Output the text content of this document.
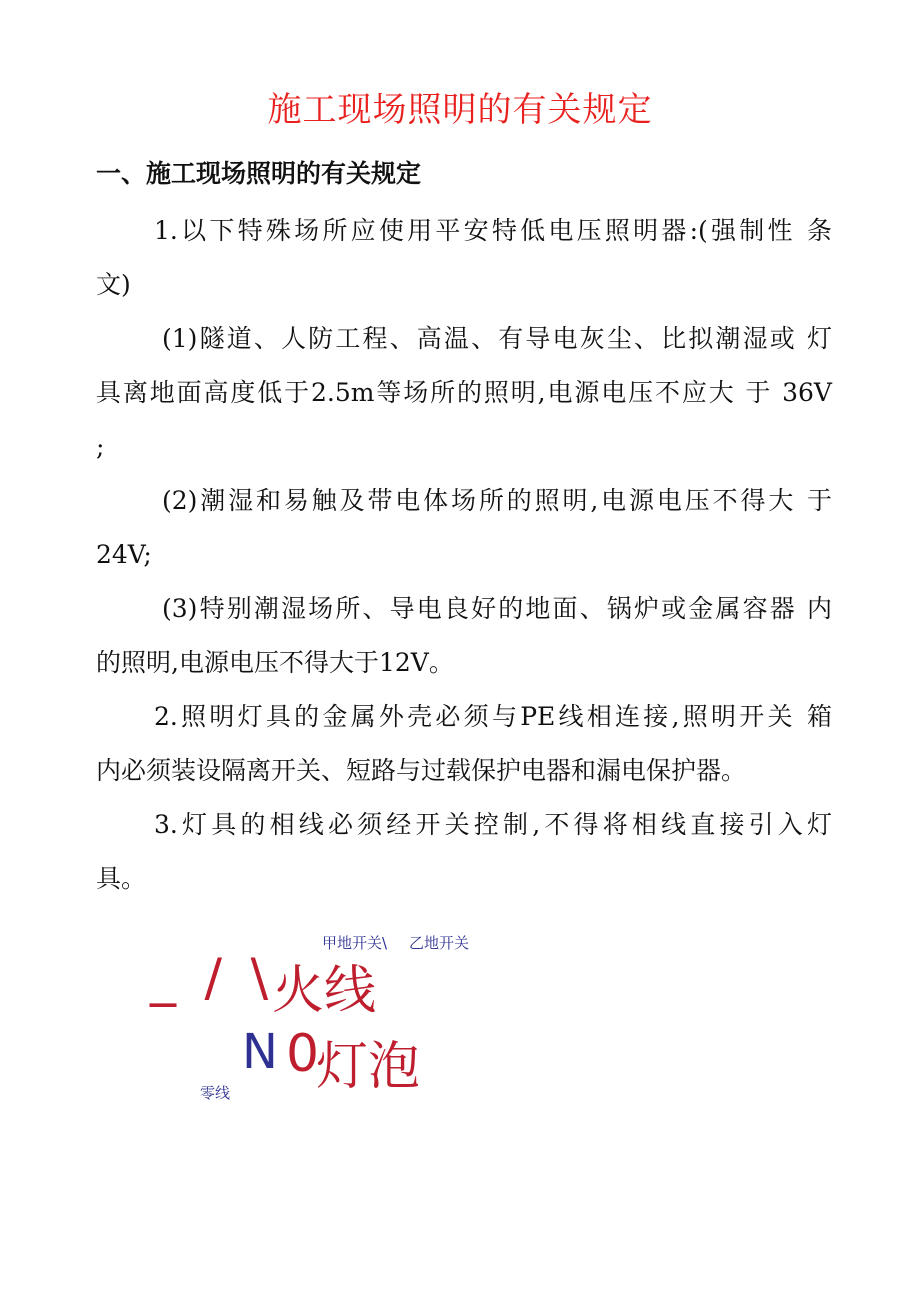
施工现场照明的有关规定
一、施工现场照明的有关规定
1.以下特殊场所应使用平安特低电压照明器:(强制性 条
文)
(1)隧道、人防工程、高温、有导电灰尘、比拟潮湿或 灯
具离地面高度低于2.5m等场所的照明,电源电压不应大 于 36V
;
(2)潮湿和易触及带电体场所的照明,电源电压不得大 于
24V;
(3)特别潮湿场所、导电良好的地面、锅炉或金属容器 内
的照明,电源电压不得大于12V。
2.照明灯具的金属外壳必须与PE线相连接,照明开关 箱
内必须装设隔离开关、短路与过载保护电器和漏电保护器。
3.灯具的相线必须经开关控制,不得将相线直接引入灯
具。
甲地开关\ 乙地开关
_ / \
火线
N 0
灯泡
零线
